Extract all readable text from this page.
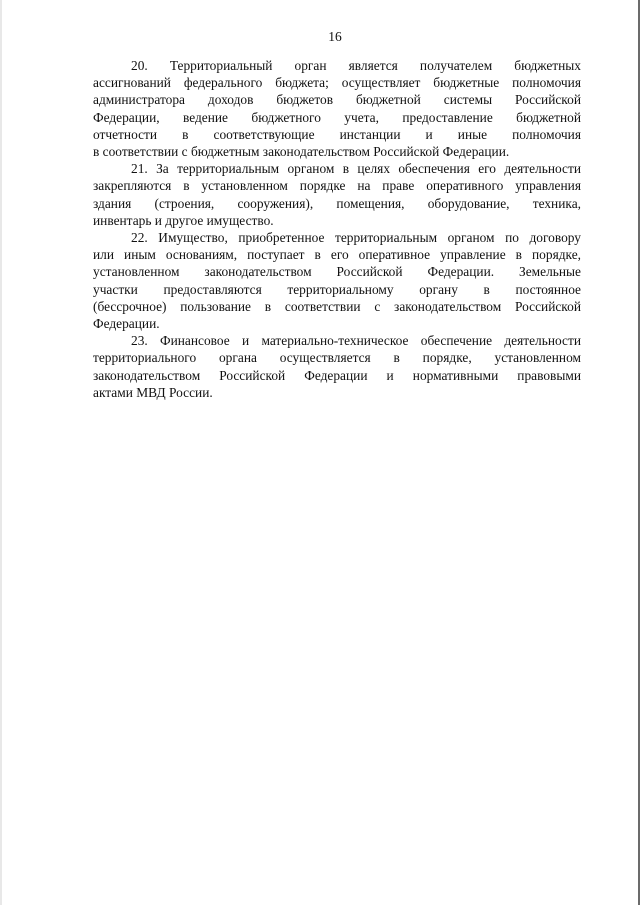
16
20. Территориальный орган является получателем бюджетных
ассигнований федерального бюджета; осуществляет бюджетные полномочия
администратора доходов бюджетов бюджетной системы Российской
Федерации, ведение бюджетного учета, предоставление бюджетной
отчетности в соответствующие инстанции и иные полномочия
в соответствии с бюджетным законодательством Российской Федерации.
21. За территориальным органом в целях обеспечения его деятельности
закрепляются в установленном порядке на праве оперативного управления
здания (строения, сооружения), помещения, оборудование, техника,
инвентарь и другое имущество.
22. Имущество, приобретенное территориальным органом по договору
или иным основаниям, поступает в его оперативное управление в порядке,
установленном законодательством Российской Федерации. Земельные
участки предоставляются территориальному органу в постоянное
(бессрочное) пользование в соответствии с законодательством Российской
Федерации.
23. Финансовое и материально-техническое обеспечение деятельности
территориального органа осуществляется в порядке, установленном
законодательством Российской Федерации и нормативными правовыми
актами МВД России.
